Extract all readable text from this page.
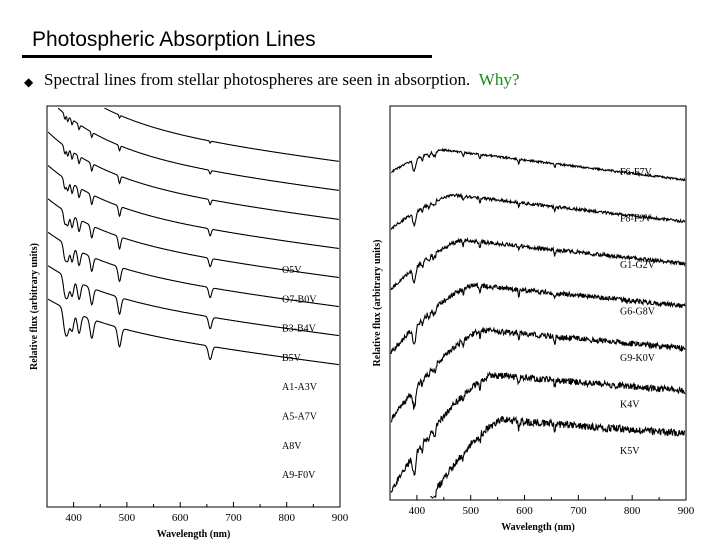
Photospheric Absorption Lines
◆ Spectral lines from stellar photospheres are seen in absorption. Why?
400	500	600	700	800	900
Wavelength (nm)
Relative flux (arbitrary units)	O5V
O7-B0V
B3-B4V
B5V
A1-A3V
A5-A7V
A8V
A9-F0V
400	500	600	700	800	900
Wavelength (nm)
Relative flux (arbitrary units)
F6-F7V
F8-F9V
G1-G2V
G6-G8V
G9-K0V
K4V
K5V
